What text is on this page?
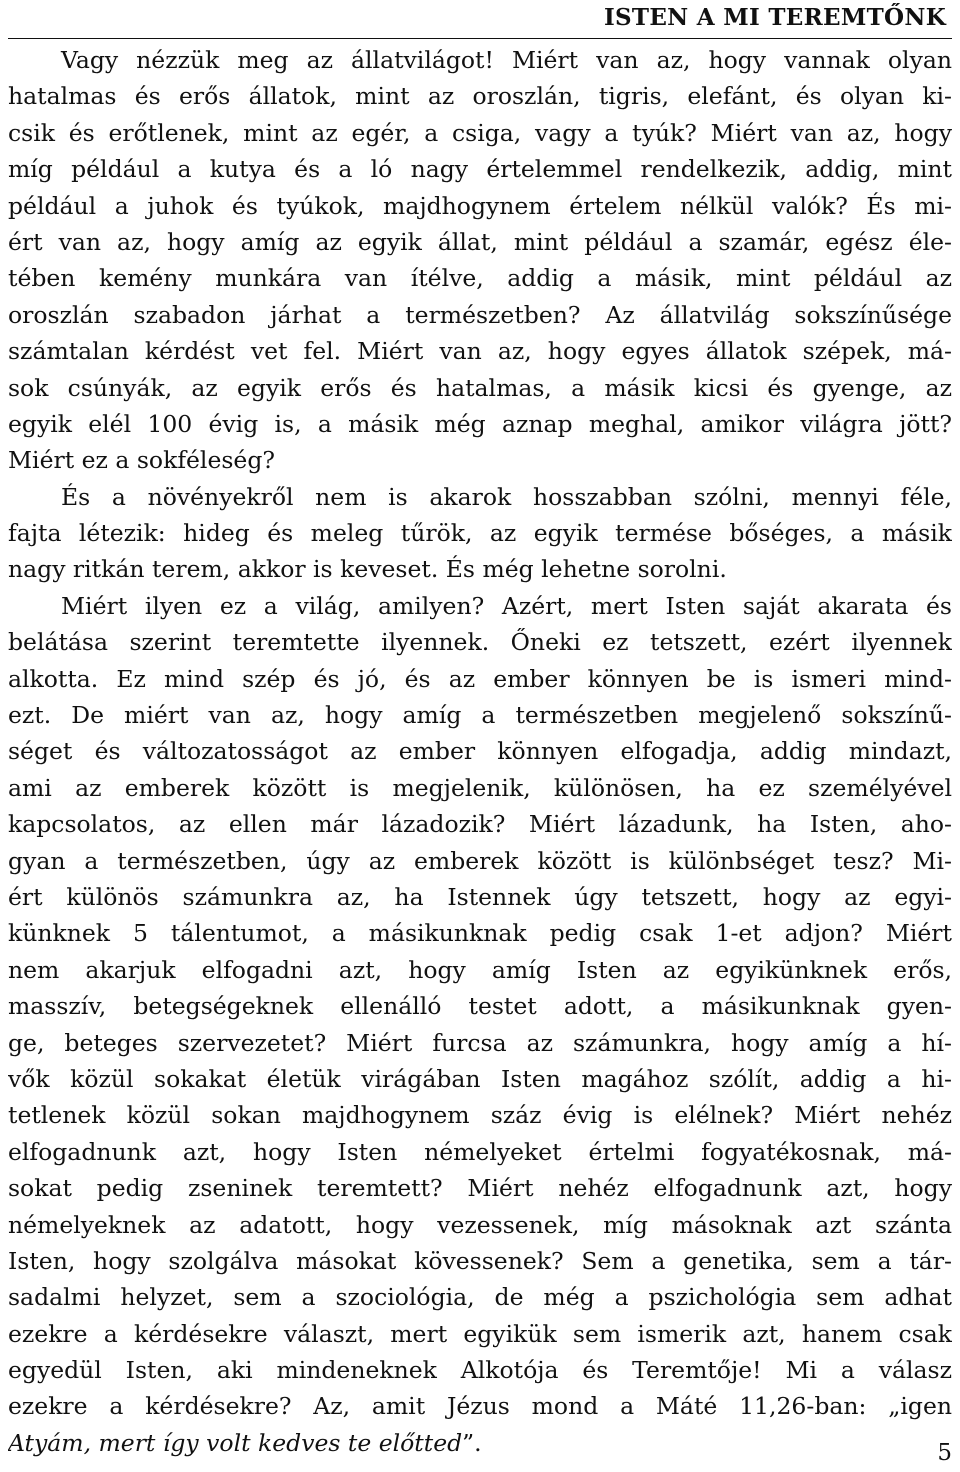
ISTEN A MI TEREMTŐNK
Vagy nézzük meg az állatvilágot! Miért van az, hogy vannak olyan
hatalmas és erős állatok, mint az oroszlán, tigris, elefánt, és olyan ki-
csik és erőtlenek, mint az egér, a csiga, vagy a tyúk? Miért van az, hogy
míg például a kutya és a ló nagy értelemmel rendelkezik, addig, mint
például a juhok és tyúkok, majdhogynem értelem nélkül valók? És mi-
ért van az, hogy amíg az egyik állat, mint például a szamár, egész éle-
tében kemény munkára van ítélve, addig a másik, mint például az
oroszlán szabadon járhat a természetben? Az állatvilág sokszínűsége
számtalan kérdést vet fel. Miért van az, hogy egyes állatok szépek, má-
sok csúnyák, az egyik erős és hatalmas, a másik kicsi és gyenge, az
egyik elél 100 évig is, a másik még aznap meghal, amikor világra jött?
Miért ez a sokféleség?
És a növényekről nem is akarok hosszabban szólni, mennyi féle,
fajta létezik: hideg és meleg tűrök, az egyik termése bőséges, a másik
nagy ritkán terem, akkor is keveset. És még lehetne sorolni.
Miért ilyen ez a világ, amilyen? Azért, mert Isten saját akarata és
belátása szerint teremtette ilyennek. Őneki ez tetszett, ezért ilyennek
alkotta. Ez mind szép és jó, és az ember könnyen be is ismeri mind-
ezt. De miért van az, hogy amíg a természetben megjelenő sokszínű-
séget és változatosságot az ember könnyen elfogadja, addig mindazt,
ami az emberek között is megjelenik, különösen, ha ez személyével
kapcsolatos, az ellen már lázadozik? Miért lázadunk, ha Isten, aho-
gyan a természetben, úgy az emberek között is különbséget tesz? Mi-
ért különös számunkra az, ha Istennek úgy tetszett, hogy az egyi-
künknek 5 tálentumot, a másikunknak pedig csak 1-et adjon? Miért
nem akarjuk elfogadni azt, hogy amíg Isten az egyikünknek erős,
masszív, betegségeknek ellenálló testet adott, a másikunknak gyen-
ge, beteges szervezetet? Miért furcsa az számunkra, hogy amíg a hí-
vők közül sokakat életük virágában Isten magához szólít, addig a hi-
tetlenek közül sokan majdhogynem száz évig is elélnek? Miért nehéz
elfogadnunk azt, hogy Isten némelyeket értelmi fogyatékosnak, má-
sokat pedig zseninek teremtett? Miért nehéz elfogadnunk azt, hogy
némelyeknek az adatott, hogy vezessenek, míg másoknak azt szánta
Isten, hogy szolgálva másokat kövessenek? Sem a genetika, sem a tár-
sadalmi helyzet, sem a szociológia, de még a pszichológia sem adhat
ezekre a kérdésekre választ, mert egyikük sem ismerik azt, hanem csak
egyedül Isten, aki mindeneknek Alkotója és Teremtője! Mi a válasz
ezekre a kérdésekre? Az, amit Jézus mond a Máté 11,26-ban: „igen
Atyám, mert így volt kedves te előtted”.	5
